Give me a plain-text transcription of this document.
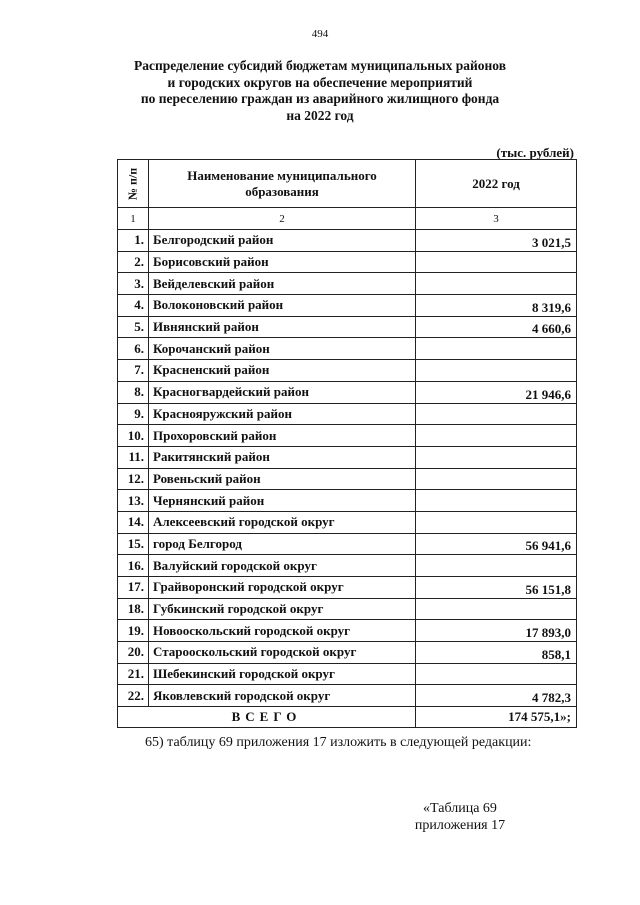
494
Распределение субсидий бюджетам муниципальных районов
и городских округов на обеспечение мероприятий
по переселению граждан из аварийного жилищного фонда
на 2022 год
(тыс. рублей)
№ п/п	Наименование муниципального образования	2022 год
1	2	3
1.	Белгородский район	3 021,5
2.	Борисовский район	
3.	Вейделевский район	
4.	Волоконовский район	8 319,6
5.	Ивнянский район	4 660,6
6.	Корочанский район	
7.	Красненский район	
8.	Красногвардейский район	21 946,6
9.	Краснояружский район	
10.	Прохоровский район	
11.	Ракитянский район	
12.	Ровеньский район	
13.	Чернянский район	
14.	Алексеевский городской округ	
15.	город Белгород	56 941,6
16.	Валуйский городской округ	
17.	Грайворонский городской округ	56 151,8
18.	Губкинский городской округ	
19.	Новооскольский городской округ	17 893,0
20.	Старооскольский городской округ	858,1
21.	Шебекинский городской округ	
22.	Яковлевский городской округ	4 782,3
ВСЕГО		174 575,1»;
65) таблицу 69 приложения 17 изложить в следующей редакции:
«Таблица 69
приложения 17
